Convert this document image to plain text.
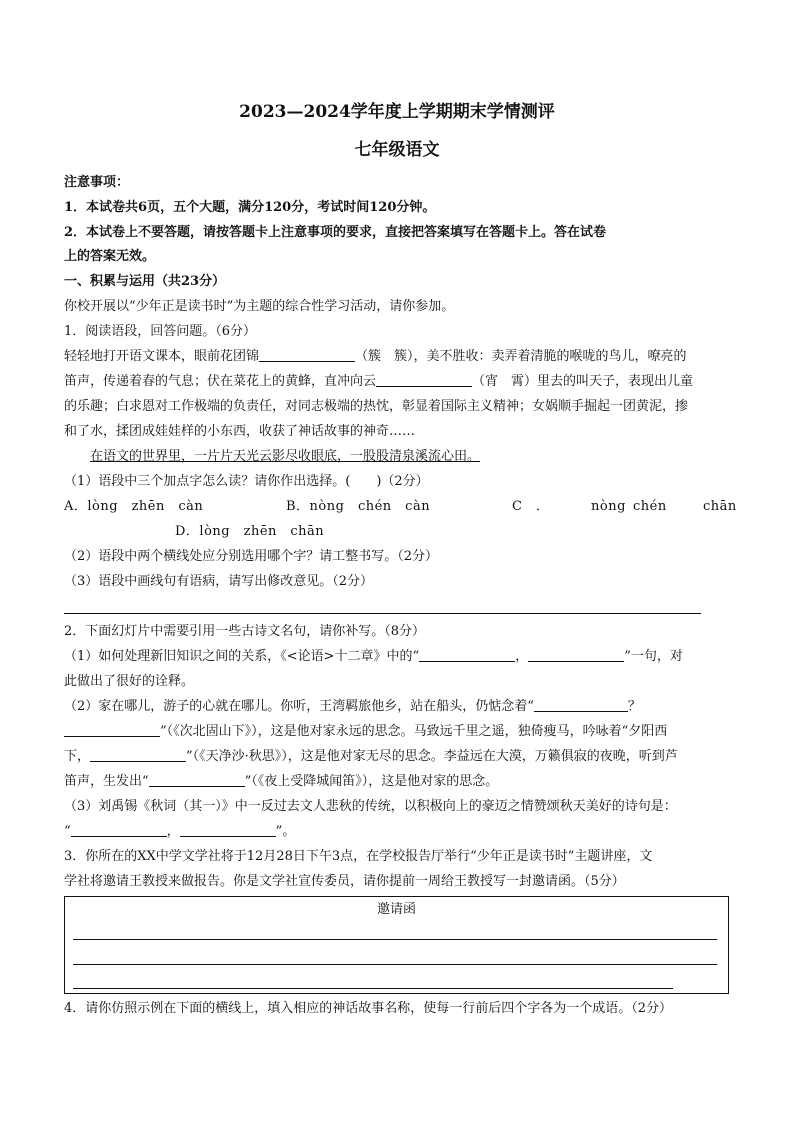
2023—2024学年度上学期期末学情测评
七年级语文
注意事项：
1．本试卷共6页，五个大题，满分120分，考试时间120分钟。
2．本试卷上不要答题，请按答题卡上注意事项的要求，直接把答案填写在答题卡上。答在试卷
上的答案无效。
一、积累与运用（共23分）
你校开展以“少年正是读书时”为主题的综合性学习活动，请你参加。
1．阅读语段，回答问题。（6分）
轻轻地打开语文课本，眼前花团锦	（簇　簇），美不胜收：卖弄着清脆的喉咙的鸟儿，嘹亮的
笛声，传递着春的气息；伏在菜花上的黄蜂，直冲向云	（宵　霄）里去的叫天子，表现出儿童
的乐趣；白求恩对工作极端的负责任，对同志极端的热忱，彰显着国际主义精神；女娲顺手掘起一团黄泥，掺
和了水，揉团成娃娃样的小东西，收获了神话故事的神奇……
在语文的世界里，一片片天光云影尽收眼底，一股股清泉溪流心田。
（1）语段中三个加点字怎么读？请你作出选择。(　　)（2分）
A．lòng　zhēn　càn	B．nòng　chén　càn	C　．	nòng chén	chān
D．lòng　zhēn　chān
（2）语段中两个横线处应分别选用哪个字？请工整书写。（2分）
（3）语段中画线句有语病，请写出修改意见。（2分）
2．下面幻灯片中需要引用一些古诗文名句，请你补写。（8分）
（1）如何处理新旧知识之间的关系，《<论语>十二章》中的“	，	”一句，对
此做出了很好的诠释。
（2）家在哪儿，游子的心就在哪儿。你听，王湾羁旅他乡，站在船头，仍惦念着“	？
”（《次北固山下》），这是他对家永远的思念。马致远千里之遥，独倚瘦马，吟咏着“夕阳西
下，	”（《天净沙·秋思》），这是他对家无尽的思念。李益远在大漠，万籁俱寂的夜晚，听到芦
笛声，生发出“	”（《夜上受降城闻笛》），这是他对家的思念。
（3）刘禹锡《秋词（其一）》中一反过去文人悲秋的传统，以积极向上的豪迈之情赞颂秋天美好的诗句是：
“	，	”。
3．你所在的XX中学文学社将于12月28日下午3点，在学校报告厅举行“少年正是读书时”主题讲座，文
学社将邀请王教授来做报告。你是文学社宣传委员，请你提前一周给王教授写一封邀请函。（5分）
邀请函
4．请你仿照示例在下面的横线上，填入相应的神话故事名称，使每一行前后四个字各为一个成语。（2分）
